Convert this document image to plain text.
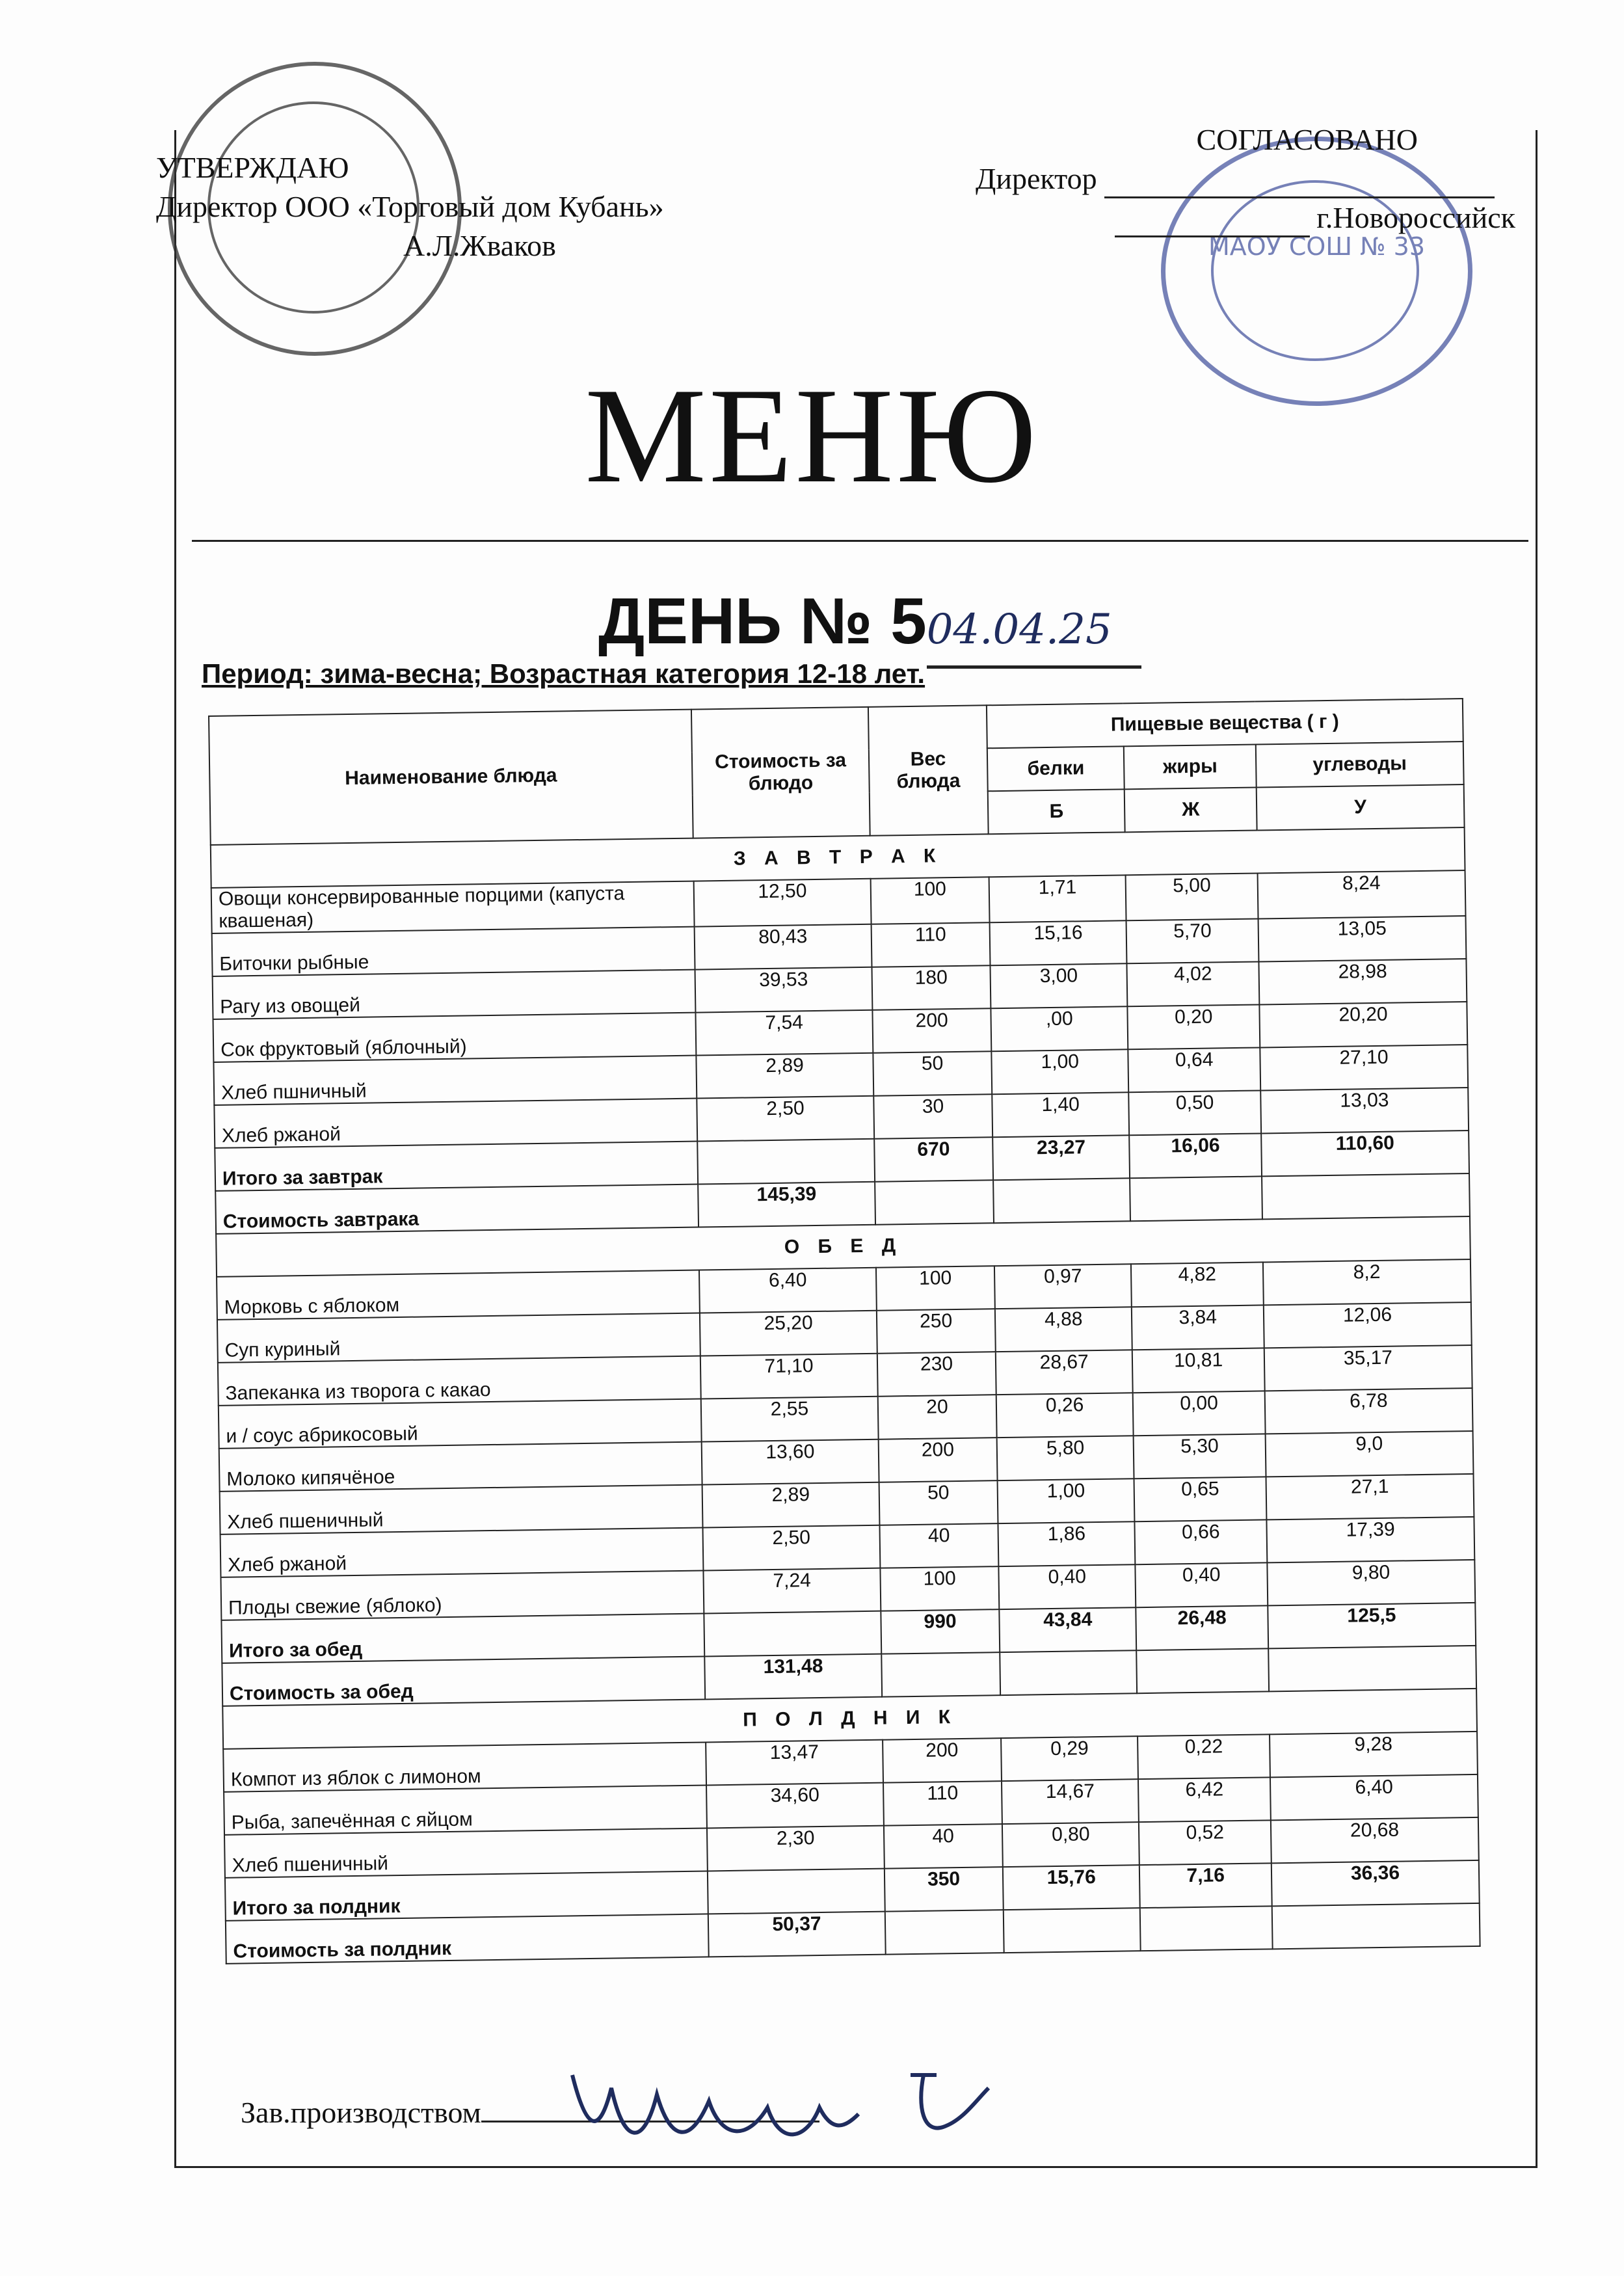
УТВЕРЖДАЮ
Директор ООО «Торговый дом Кубань»
А.Л.Жваков	МАОУ СОШ № 33
СОГЛАСОВАНО
Директор
г.Новороссийск
МЕНЮ
ДЕНЬ № 504.04.25
Период: зима-весна; Возрастная категория 12-18 лет.
Наименование блюда	Стоимость за блюдо	Вес блюда	Пищевые вещества ( г )		
			белки	жиры	углеводы
			Б	Ж	У
З А В Т Р А К					
Овощи консервированные порцими (капуста квашеная)	12,50	100	1,71	5,00	8,24
Биточки рыбные	80,43	110	15,16	5,70	13,05
Рагу из овощей	39,53	180	3,00	4,02	28,98
Сок фруктовый (яблочный)	7,54	200	,00	0,20	20,20
Хлеб пшничный	2,89	50	1,00	0,64	27,10
Хлеб ржаной	2,50	30	1,40	0,50	13,03
Итого за завтрак		670	23,27	16,06	110,60
Стоимость завтрака	145,39				
О Б Е Д					
Морковь с яблоком	6,40	100	0,97	4,82	8,2
Суп куриный	25,20	250	4,88	3,84	12,06
Запеканка из творога с какао	71,10	230	28,67	10,81	35,17
и / соус абрикосовый	2,55	20	0,26	0,00	6,78
Молоко кипячёное	13,60	200	5,80	5,30	9,0
Хлеб пшеничный	2,89	50	1,00	0,65	27,1
Хлеб ржаной	2,50	40	1,86	0,66	17,39
Плоды свежие (яблоко)	7,24	100	0,40	0,40	9,80
Итого за обед		990	43,84	26,48	125,5
Стоимость за обед	131,48				
П О Л Д Н И К					
Компот из яблок с лимоном	13,47	200	0,29	0,22	9,28
Рыба, запечённая с яйцом	34,60	110	14,67	6,42	6,40
Хлеб пшеничный	2,30	40	0,80	0,52	20,68
Итого за полдник		350	15,76	7,16	36,36
Стоимость за полдник	50,37				
Зав.производством
